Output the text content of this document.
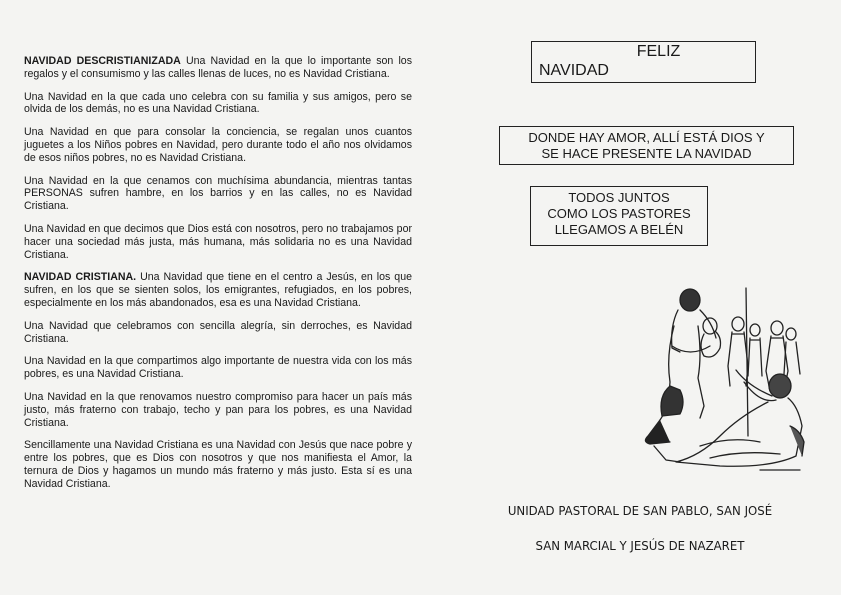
NAVIDAD DESCRISTIANIZADA Una Navidad en la que lo importante son los regalos y el consumismo y las calles llenas de luces, no es Navidad Cristiana.

Una Navidad en la que cada uno celebra con su familia y sus amigos, pero se olvida de los demás, no es una Navidad Cristiana.

Una Navidad en que para consolar la conciencia, se regalan unos cuantos juguetes a los Niños pobres en Navidad, pero durante todo el año nos olvidamos de esos niños pobres, no es Navidad Cristiana.

Una Navidad en la que cenamos con muchísima abundancia, mientras tantas PERSONAS sufren hambre, en los barrios y en las calles, no es Navidad Cristiana.

Una Navidad en que decimos que Dios está con nosotros, pero no trabajamos por hacer una sociedad más justa, más humana, más solidaria no es una Navidad Cristiana.

NAVIDAD CRISTIANA. Una Navidad que tiene en el centro a Jesús, en los que sufren, en los que se sienten solos, los emigrantes, refugiados, en los pobres, especialmente en los más abandonados, esa es una Navidad Cristiana.

Una Navidad que celebramos con sencilla alegría, sin derroches, es Navidad Cristiana.

Una Navidad en la que compartimos algo importante de nuestra vida con los más pobres, es una Navidad Cristiana.

Una Navidad en la que renovamos nuestro compromiso para hacer un país más justo, más fraterno con trabajo, techo y pan para los pobres, es una Navidad Cristiana.

Sencillamente una Navidad Cristiana es una Navidad con Jesús que nace pobre y entre los pobres, que es Dios con nosotros y que nos manifiesta el Amor, la ternura de Dios y hagamos un mundo más fraterno y más justo. Esta sí es una Navidad Cristiana.

FELIZ
NAVIDAD
DONDE HAY AMOR, ALLÍ ESTÁ DIOS Y
SE HACE PRESENTE LA NAVIDAD
TODOS JUNTOS
COMO LOS PASTORES
LLEGAMOS A BELÉN
UNIDAD PASTORAL DE SAN PABLO, SAN JOSÉ
SAN MARCIAL Y JESÚS DE NAZARET
